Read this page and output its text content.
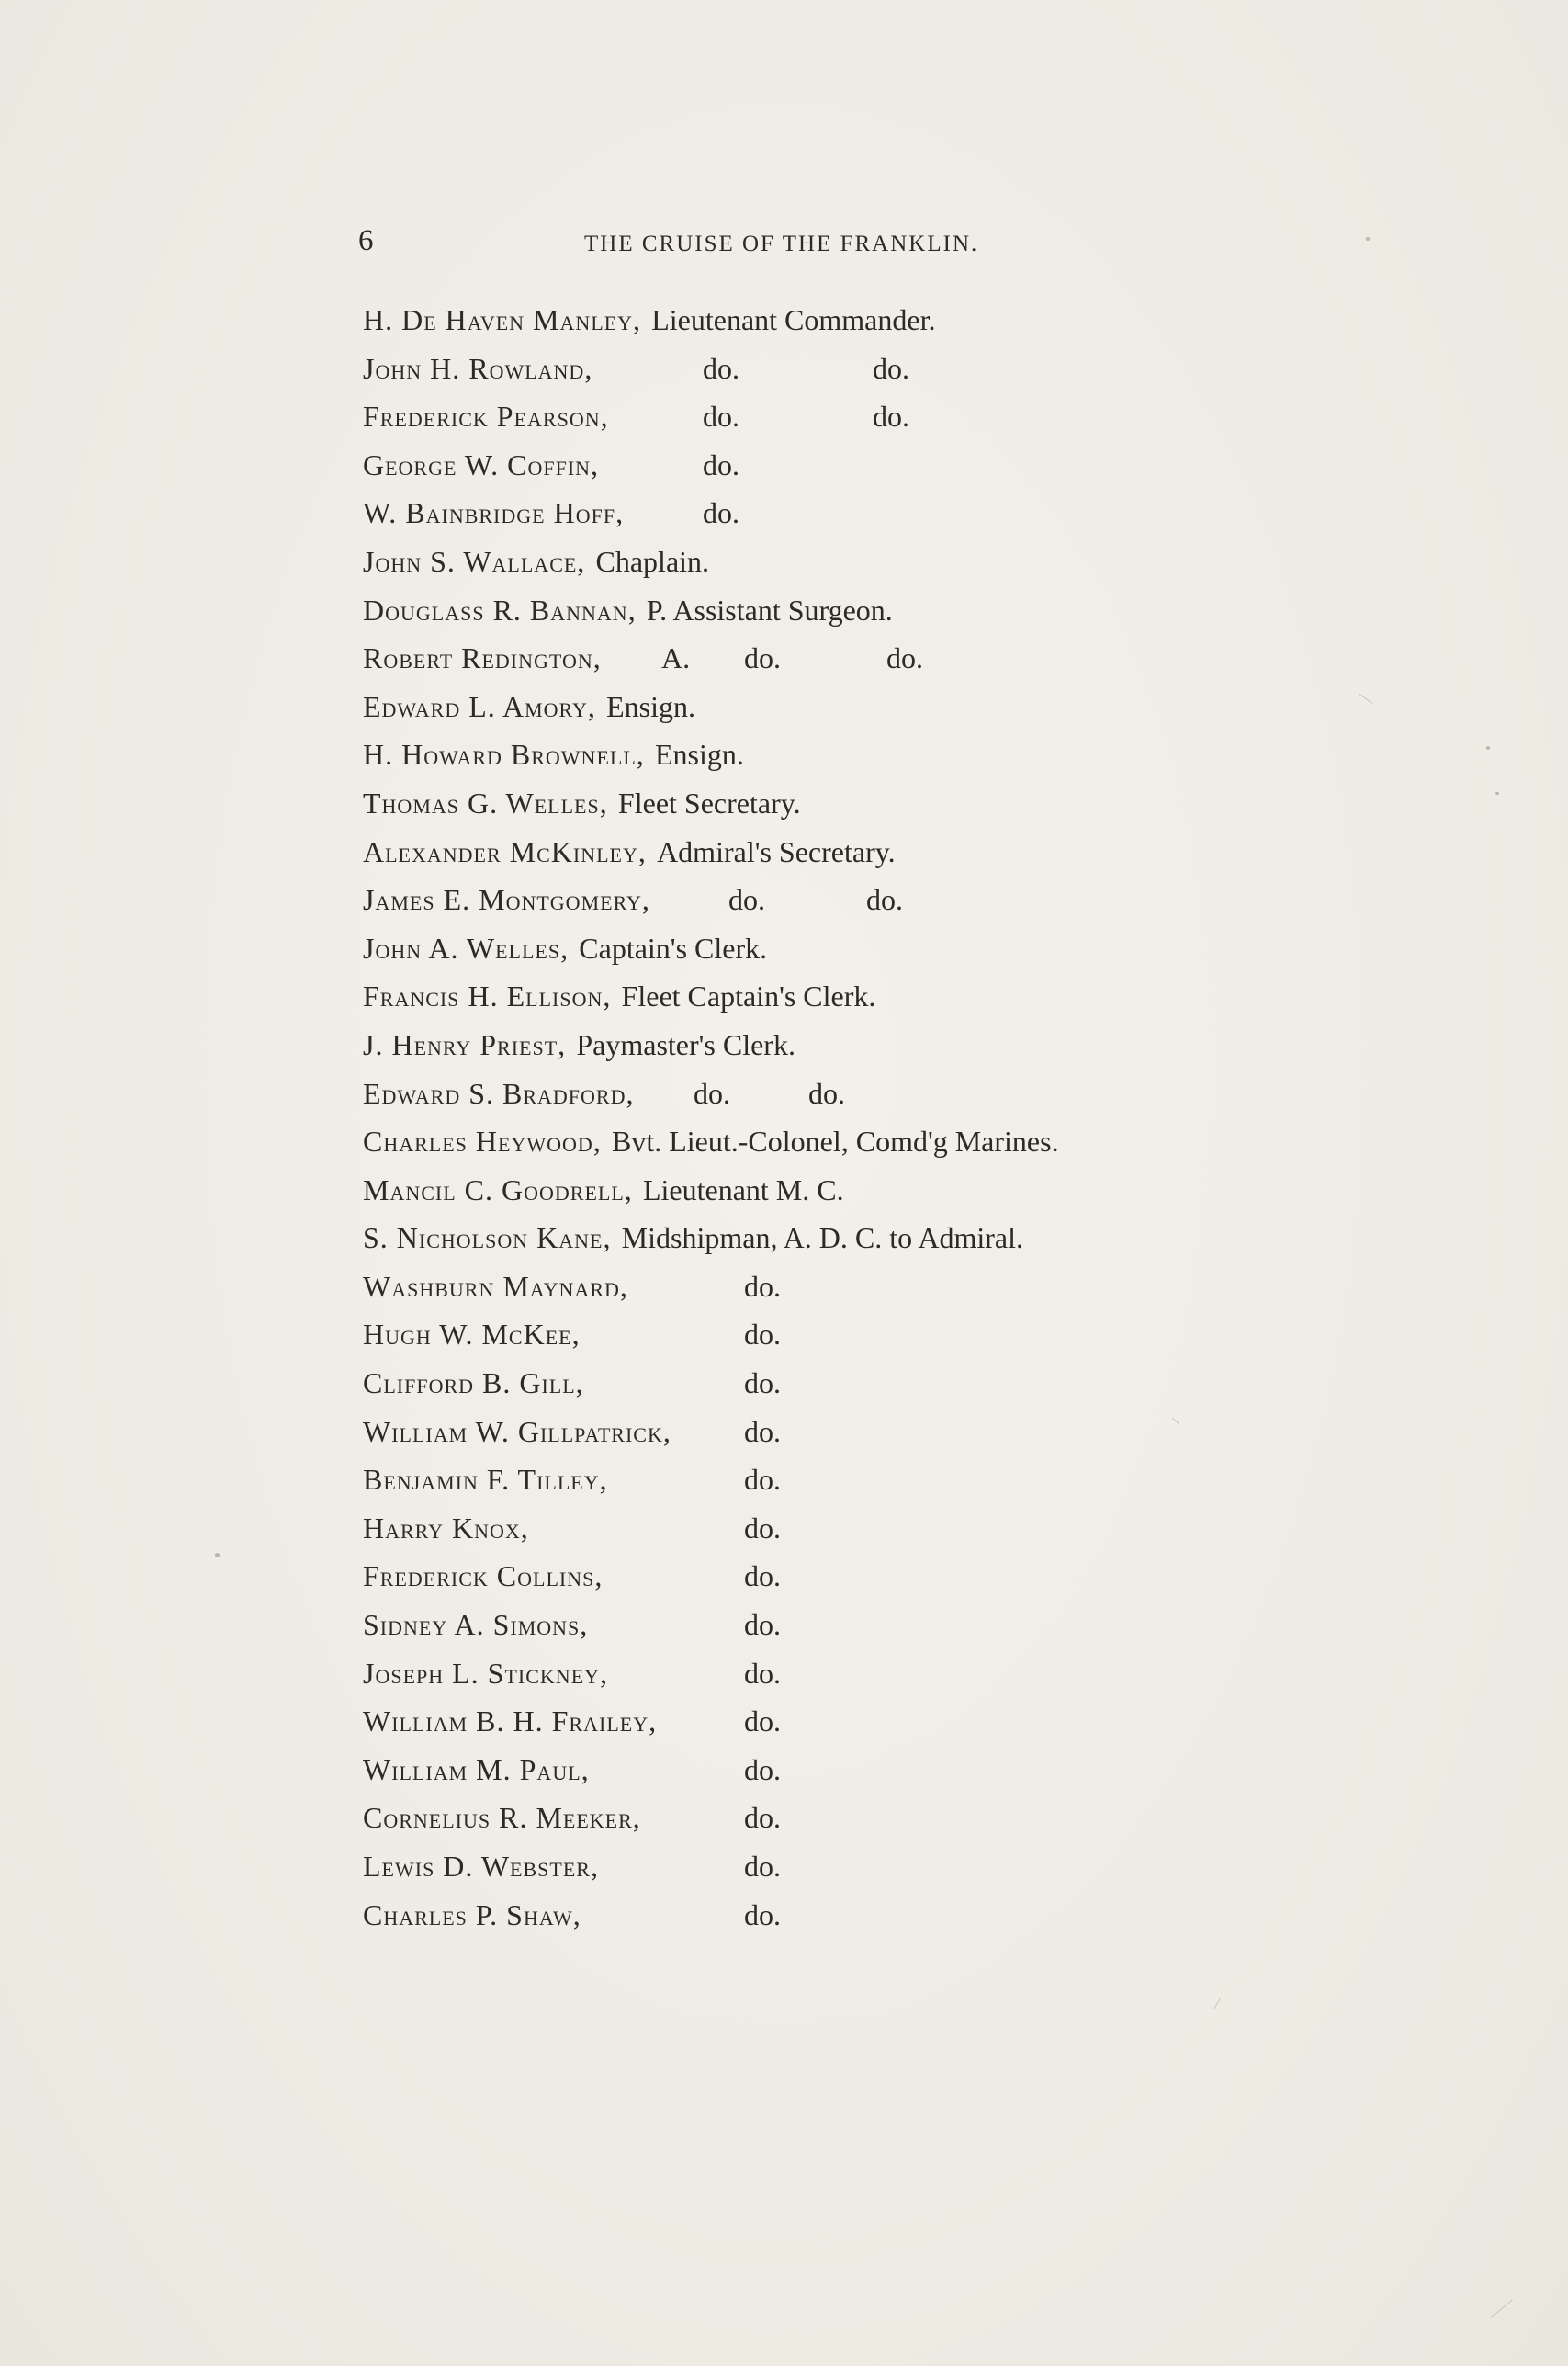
6	THE CRUISE OF THE FRANKLIN.
H. De Haven Manley, Lieutenant Commander.
John H. Rowland,	do.	do.
Frederick Pearson,	do.	do.
George W. Coffin,	do.
W. Bainbridge Hoff,	do.
John S. Wallace, Chaplain.
Douglass R. Bannan, P. Assistant Surgeon.
Robert Redington, A. do.	do.
Edward L. Amory, Ensign.
H. Howard Brownell, Ensign.
Thomas G. Welles, Fleet Secretary.
Alexander McKinley, Admiral's Secretary.
James E. Montgomery,	do.	do.
John A. Welles, Captain's Clerk.
Francis H. Ellison, Fleet Captain's Clerk.
J. Henry Priest, Paymaster's Clerk.
Edward S. Bradford, do.	do.
Charles Heywood, Bvt. Lieut.-Colonel, Comd'g Marines.
Mancil C. Goodrell, Lieutenant M. C.
S. Nicholson Kane, Midshipman, A. D. C. to Admiral.
Washburn Maynard,	do.
Hugh W. McKee,	do.
Clifford B. Gill,	do.
William W. Gillpatrick, do.
Benjamin F. Tilley,	do.
Harry Knox,	do.
Frederick Collins,	do.
Sidney A. Simons,	do.
Joseph L. Stickney,	do.
William B. H. Frailey,	do.
William M. Paul,	do.
Cornelius R. Meeker,	do.
Lewis D. Webster,	do.
Charles P. Shaw,	do.
